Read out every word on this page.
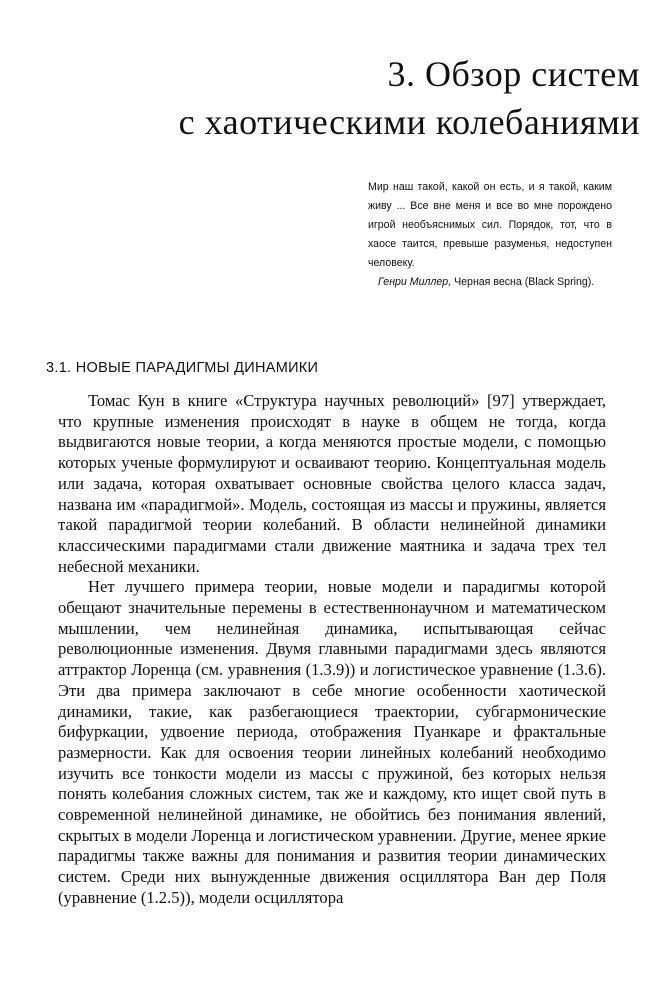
3. Обзор систем
с хаотическими колебаниями

Мир наш такой, какой он есть, и я такой, каким живу ... Все вне меня и все во мне порождено игрой необъяснимых сил. Порядок, тот, что в хаосе таится, превыше разуменья, недоступен человеку.

Генри Миллер, Черная весна (Black Spring).

3.1. НОВЫЕ ПАРАДИГМЫ ДИНАМИКИ

Томас Кун в книге «Структура научных революций» [97] утверждает, что крупные изменения происходят в науке в общем не тогда, когда выдвигаются новые теории, а когда меняются простые модели, с помощью которых ученые формулируют и осваивают теорию. Концептуальная модель или задача, которая охватывает основные свойства целого класса задач, названа им «парадигмой». Модель, состоящая из массы и пружины, является такой парадигмой теории колебаний. В области нелинейной динамики классическими парадигмами стали движение маятника и задача трех тел небесной механики.

Нет лучшего примера теории, новые модели и парадигмы которой обещают значительные перемены в естественнонаучном и математическом мышлении, чем нелинейная динамика, испытывающая сейчас революционные изменения. Двумя главными парадигмами здесь являются аттрактор Лоренца (см. уравнения (1.3.9)) и логистическое уравнение (1.3.6). Эти два примера заключают в себе многие особенности хаотической динамики, такие, как разбегающиеся траектории, субгармонические бифуркации, удвоение периода, отображения Пуанкаре и фрактальные размерности. Как для освоения теории линейных колебаний необходимо изучить все тонкости модели из массы с пружиной, без которых нельзя понять колебания сложных систем, так же и каждому, кто ищет свой путь в современной нелинейной динамике, не обойтись без понимания явлений, скрытых в модели Лоренца и логистическом уравнении. Другие, менее яркие парадигмы также важны для понимания и развития теории динамических систем. Среди них вынужденные движения осциллятора Ван дер Поля (уравнение (1.2.5)), модели осциллятора
